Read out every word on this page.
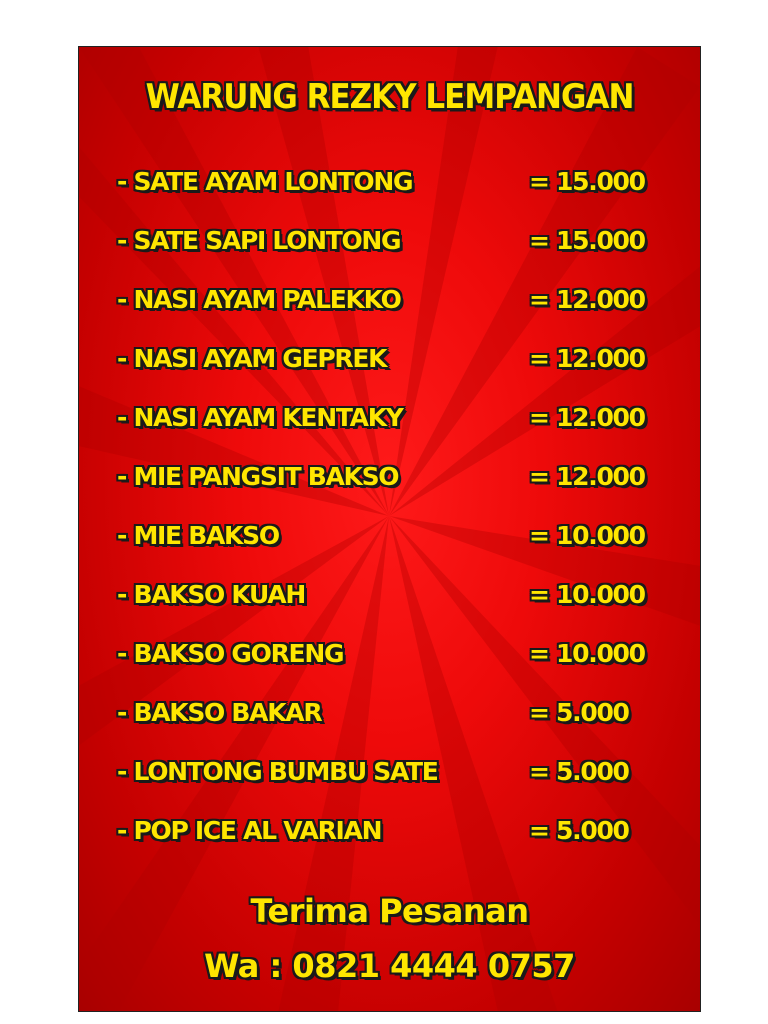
WARUNG REZKY LEMPANGAN
- SATE AYAM LONTONG	= 15.000
- SATE SAPI LONTONG	= 15.000
- NASI AYAM PALEKKO	= 12.000
- NASI AYAM GEPREK	= 12.000
- NASI AYAM KENTAKY	= 12.000
- MIE PANGSIT BAKSO	= 12.000
- MIE BAKSO	= 10.000
- BAKSO KUAH	= 10.000
- BAKSO GORENG	= 10.000
- BAKSO BAKAR	= 5.000
- LONTONG BUMBU SATE	= 5.000
- POP ICE AL VARIAN	= 5.000
Terima Pesanan
Wa : 0821 4444 0757
